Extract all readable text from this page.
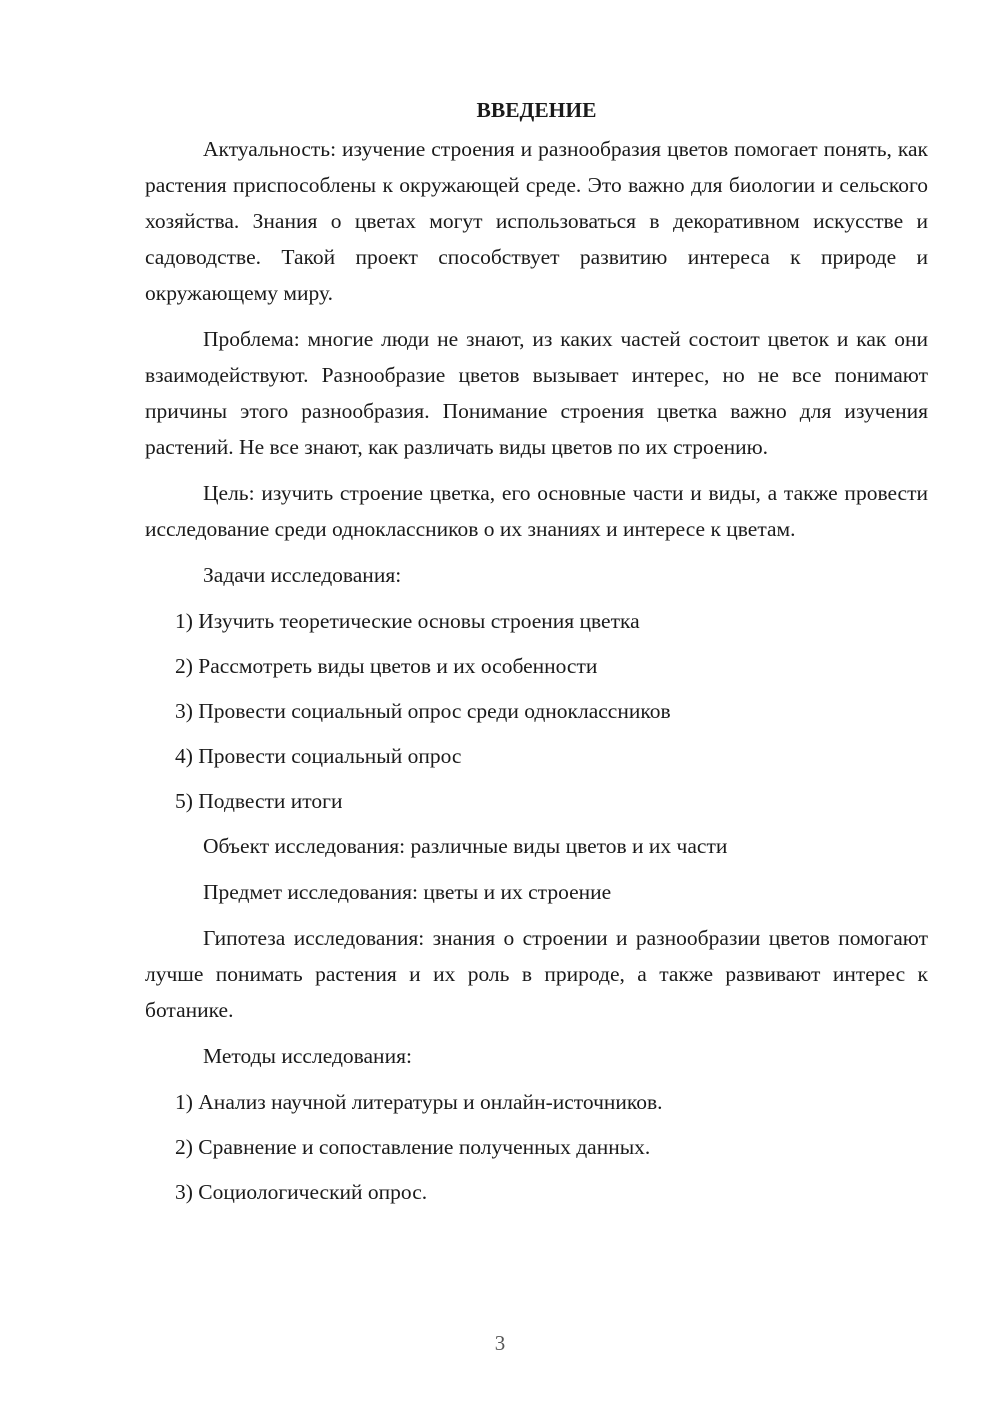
ВВЕДЕНИЕ

Актуальность: изучение строения и разнообразия цветов помогает понять, как растения приспособлены к окружающей среде. Это важно для биологии и сельского хозяйства. Знания о цветах могут использоваться в декоративном искусстве и садоводстве. Такой проект способствует развитию интереса к природе и окружающему миру.

Проблема: многие люди не знают, из каких частей состоит цветок и как они взаимодействуют. Разнообразие цветов вызывает интерес, но не все понимают причины этого разнообразия. Понимание строения цветка важно для изучения растений. Не все знают, как различать виды цветов по их строению.

Цель: изучить строение цветка, его основные части и виды, а также провести исследование среди одноклассников о их знаниях и интересе к цветам.

Задачи исследования:
1) Изучить теоретические основы строения цветка
2) Рассмотреть виды цветов и их особенности
3) Провести социальный опрос среди одноклассников
4) Провести социальный опрос
5) Подвести итоги
Объект исследования: различные виды цветов и их части
Предмет исследования: цветы и их строение

Гипотеза исследования: знания о строении и разнообразии цветов помогают лучше понимать растения и их роль в природе, а также развивают интерес к ботанике.

Методы исследования:
1) Анализ научной литературы и онлайн-источников.
2) Сравнение и сопоставление полученных данных.
3) Социологический опрос.
3
